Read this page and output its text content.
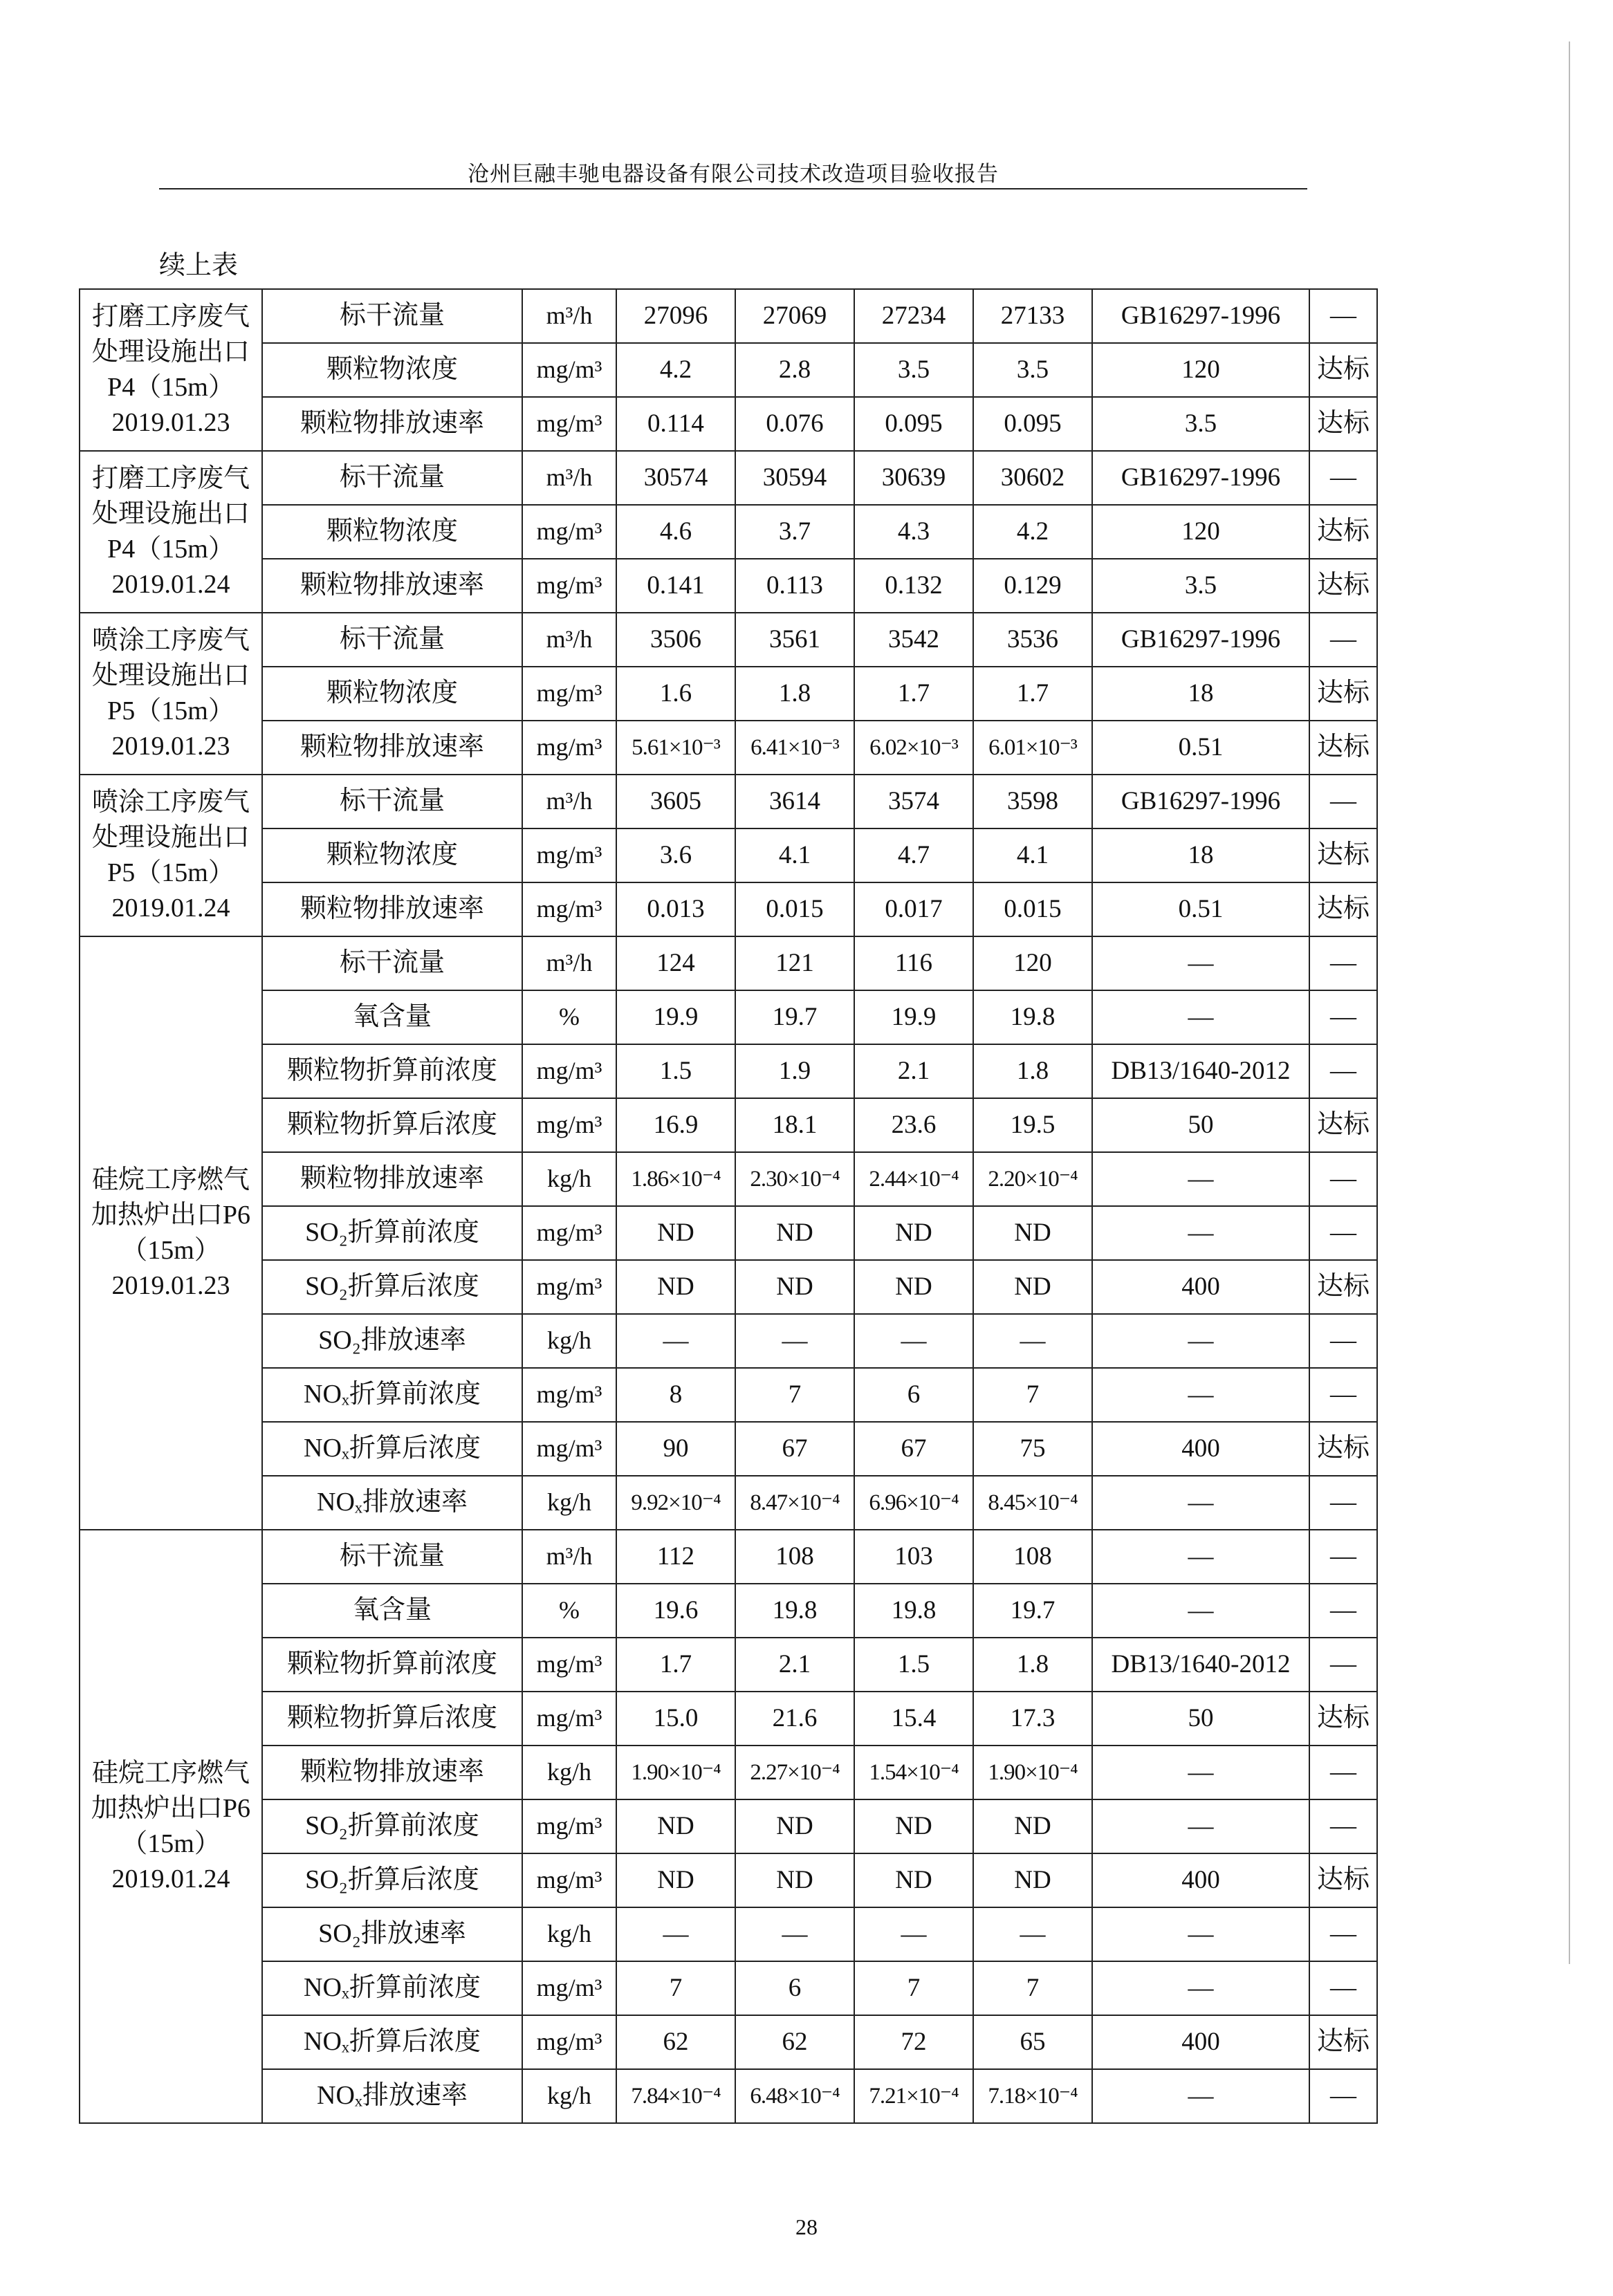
沧州巨融丰驰电器设备有限公司技术改造项目验收报告
续上表
打磨工序废气处理设施出口P4（15m）2019.01.23	标干流量	m³/h	27096	27069	27234	27133	GB16297-1996	—
	颗粒物浓度	mg/m³	4.2	2.8	3.5	3.5	120	达标
	颗粒物排放速率	mg/m³	0.114	0.076	0.095	0.095	3.5	达标
打磨工序废气处理设施出口P4（15m）2019.01.24	标干流量	m³/h	30574	30594	30639	30602	GB16297-1996	—
	颗粒物浓度	mg/m³	4.6	3.7	4.3	4.2	120	达标
	颗粒物排放速率	mg/m³	0.141	0.113	0.132	0.129	3.5	达标
喷涂工序废气处理设施出口P5（15m）2019.01.23	标干流量	m³/h	3506	3561	3542	3536	GB16297-1996	—
	颗粒物浓度	mg/m³	1.6	1.8	1.7	1.7	18	达标
	颗粒物排放速率	mg/m³	5.61×10⁻³	6.41×10⁻³	6.02×10⁻³	6.01×10⁻³	0.51	达标
喷涂工序废气处理设施出口P5（15m）2019.01.24	标干流量	m³/h	3605	3614	3574	3598	GB16297-1996	—
	颗粒物浓度	mg/m³	3.6	4.1	4.7	4.1	18	达标
	颗粒物排放速率	mg/m³	0.013	0.015	0.017	0.015	0.51	达标
硅烷工序燃气加热炉出口P6（15m）2019.01.23	标干流量	m³/h	124	121	116	120	—	—
	氧含量	%	19.9	19.7	19.9	19.8	—	—
	颗粒物折算前浓度	mg/m³	1.5	1.9	2.1	1.8	DB13/1640-2012	—
	颗粒物折算后浓度	mg/m³	16.9	18.1	23.6	19.5	50	达标
	颗粒物排放速率	kg/h	1.86×10⁻⁴	2.30×10⁻⁴	2.44×10⁻⁴	2.20×10⁻⁴	—	—
	SO₂折算前浓度	mg/m³	ND	ND	ND	ND	—	—
	SO₂折算后浓度	mg/m³	ND	ND	ND	ND	400	达标
	SO₂排放速率	kg/h	—	—	—	—	—	—
	NOₓ折算前浓度	mg/m³	8	7	6	7	—	—
	NOₓ折算后浓度	mg/m³	90	67	67	75	400	达标
	NOₓ排放速率	kg/h	9.92×10⁻⁴	8.47×10⁻⁴	6.96×10⁻⁴	8.45×10⁻⁴	—	—
硅烷工序燃气加热炉出口P6（15m）2019.01.24	标干流量	m³/h	112	108	103	108	—	—
	氧含量	%	19.6	19.8	19.8	19.7	—	—
	颗粒物折算前浓度	mg/m³	1.7	2.1	1.5	1.8	DB13/1640-2012	—
	颗粒物折算后浓度	mg/m³	15.0	21.6	15.4	17.3	50	达标
	颗粒物排放速率	kg/h	1.90×10⁻⁴	2.27×10⁻⁴	1.54×10⁻⁴	1.90×10⁻⁴	—	—
	SO₂折算前浓度	mg/m³	ND	ND	ND	ND	—	—
	SO₂折算后浓度	mg/m³	ND	ND	ND	ND	400	达标
	SO₂排放速率	kg/h	—	—	—	—	—	—
	NOₓ折算前浓度	mg/m³	7	6	7	7	—	—
	NOₓ折算后浓度	mg/m³	62	62	72	65	400	达标
	NOₓ排放速率	kg/h	7.84×10⁻⁴	6.48×10⁻⁴	7.21×10⁻⁴	7.18×10⁻⁴	—	—
28
